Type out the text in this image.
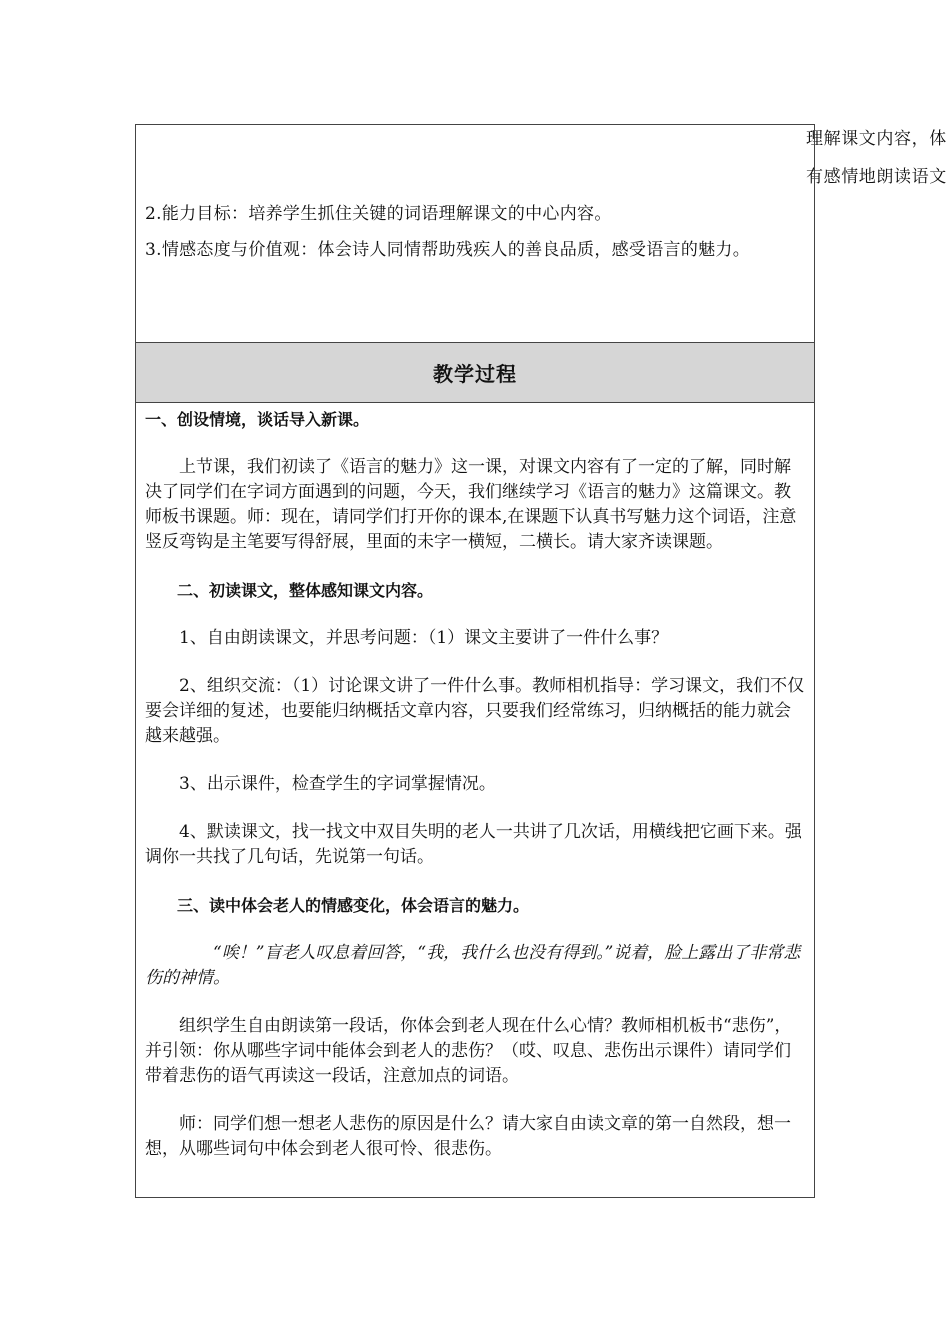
理解课文内容，体
有感情地朗读语文
2.能力目标：培养学生抓住关键的词语理解课文的中心内容。
3.情感态度与价值观：体会诗人同情帮助残疾人的善良品质，感受语言的魅力。
教学过程

一、创设情境，谈话导入新课。

上节课，我们初读了《语言的魅力》这一课，对课文内容有了一定的了解，同时解决了同学们在字词方面遇到的问题，今天，我们继续学习《语言的魅力》这篇课文。教师板书课题。师：现在，请同学们打开你的课本,在课题下认真书写魅力这个词语，注意竖反弯钩是主笔要写得舒展，里面的未字一横短，二横长。请大家齐读课题。

二、初读课文，整体感知课文内容。

1、自由朗读课文，并思考问题：（1）课文主要讲了一件什么事？

2、组织交流：（1）讨论课文讲了一件什么事。教师相机指导：学习课文，我们不仅要会详细的复述，也要能归纳概括文章内容，只要我们经常练习，归纳概括的能力就会越来越强。

3、出示课件，检查学生的字词掌握情况。

4、默读课文，找一找文中双目失明的老人一共讲了几次话，用横线把它画下来。强调你一共找了几句话，先说第一句话。

三、读中体会老人的情感变化，体会语言的魅力。

“唉！”盲老人叹息着回答，“我，我什么也没有得到。”说着，脸上露出了非常悲伤的神情。

组织学生自由朗读第一段话，你体会到老人现在什么心情？教师相机板书“悲伤”，并引领：你从哪些字词中能体会到老人的悲伤？（哎、叹息、悲伤出示课件）请同学们带着悲伤的语气再读这一段话，注意加点的词语。

师：同学们想一想老人悲伤的原因是什么？请大家自由读文章的第一自然段，想一想，从哪些词句中体会到老人很可怜、很悲伤。
